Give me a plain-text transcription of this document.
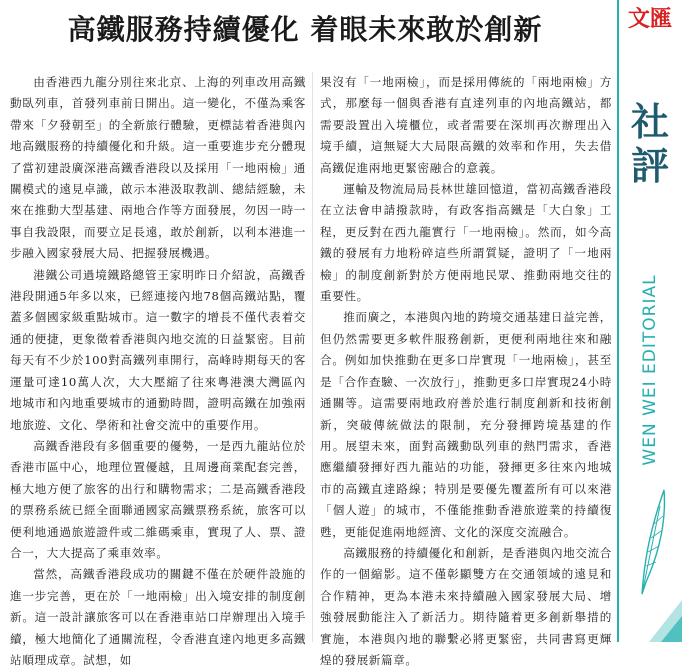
高鐵服務持續優化 着眼未來敢於創新

由香港西九龍分別往來北京、上海的列車改用高鐵動臥列車，首發列車前日開出。這一變化，不僅為乘客帶來「夕發朝至」的全新旅行體驗，更標誌着香港與內地高鐵服務的持續優化和升級。這一重要進步充分體現了當初建設廣深港高鐵香港段以及採用「一地兩檢」通關模式的遠見卓識，啟示本港汲取教訓、總結經驗，未來在推動大型基建、兩地合作等方面發展，勿因一時一事自我設限，而要立足長遠，敢於創新，以利本港進一步融入國家發展大局、把握發展機遇。

港鐵公司過境鐵路總管王家明昨日介紹說，高鐵香港段開通5年多以來，已經連接內地78個高鐵站點，覆蓋多個國家級重點城市。這一數字的增長不僅代表着交通的便捷，更象徵着香港與內地交流的日益緊密。目前每天有不少於100對高鐵列車開行，高峰時期每天的客運量可達10萬人次，大大壓縮了往來粵港澳大灣區內地城市和內地重要城市的通勤時間，證明高鐵在加強兩地旅遊、文化、學術和社會交流中的重要作用。

高鐵香港段有多個重要的優勢，一是西九龍站位於香港市區中心，地理位置優越，且周邊商業配套完善，極大地方便了旅客的出行和購物需求；二是高鐵香港段的票務系統已經全面聯通國家高鐵票務系統，旅客可以便利地通過旅遊證件或二維碼乘車，實現了人、票、證合一，大大提高了乘車效率。

當然，高鐵香港段成功的關鍵不僅在於硬件設施的進一步完善，更在於「一地兩檢」出入境安排的制度創新。這一設計讓旅客可以在香港車站口岸辦理出入境手續，極大地簡化了通關流程，令香港直達內地更多高鐵站順理成章。試想，如

果沒有「一地兩檢」，而是採用傳統的「兩地兩檢」方式，那麼每一個與香港有直達列車的內地高鐵站，都需要設置出入境櫃位，或者需要在深圳再次辦理出入境手續，這無疑大大局限高鐵的效率和作用，失去借高鐵促進兩地更緊密融合的意義。

運輸及物流局局長林世雄回憶道，當初高鐵香港段在立法會申請撥款時，有政客指高鐵是「大白象」工程，更反對在西九龍實行「一地兩檢」。然而，如今高鐵的發展有力地粉碎這些所謂質疑，證明了「一地兩檢」的制度創新對於方便兩地民眾、推動兩地交往的重要性。

推而廣之，本港與內地的跨境交通基建日益完善，但仍然需要更多軟件服務創新，更便利兩地往來和融合。例如加快推動在更多口岸實現「一地兩檢」，甚至是「合作查驗、一次放行」，推動更多口岸實現24小時通關等。這需要兩地政府善於進行制度創新和技術創新，突破傳統做法的限制，充分發揮跨境基建的作用。展望未來，面對高鐵動臥列車的熱門需求，香港應繼續發揮好西九龍站的功能，發揮更多往來內地城市的高鐵直達路線；特別是要優先覆蓋所有可以來港「個人遊」的城市，不僅能推動香港旅遊業的持續復甦，更能促進兩地經濟、文化的深度交流融合。

高鐵服務的持續優化和創新，是香港與內地交流合作的一個縮影。這不僅彰顯雙方在交通領域的遠見和合作精神，更為本港未來持續融入國家發展大局、增強發展動能注入了新活力。期待隨着更多創新舉措的實施，本港與內地的聯繫必將更緊密，共同書寫更輝煌的發展新篇章。

文匯
社評
WEN WEI EDITORIAL
